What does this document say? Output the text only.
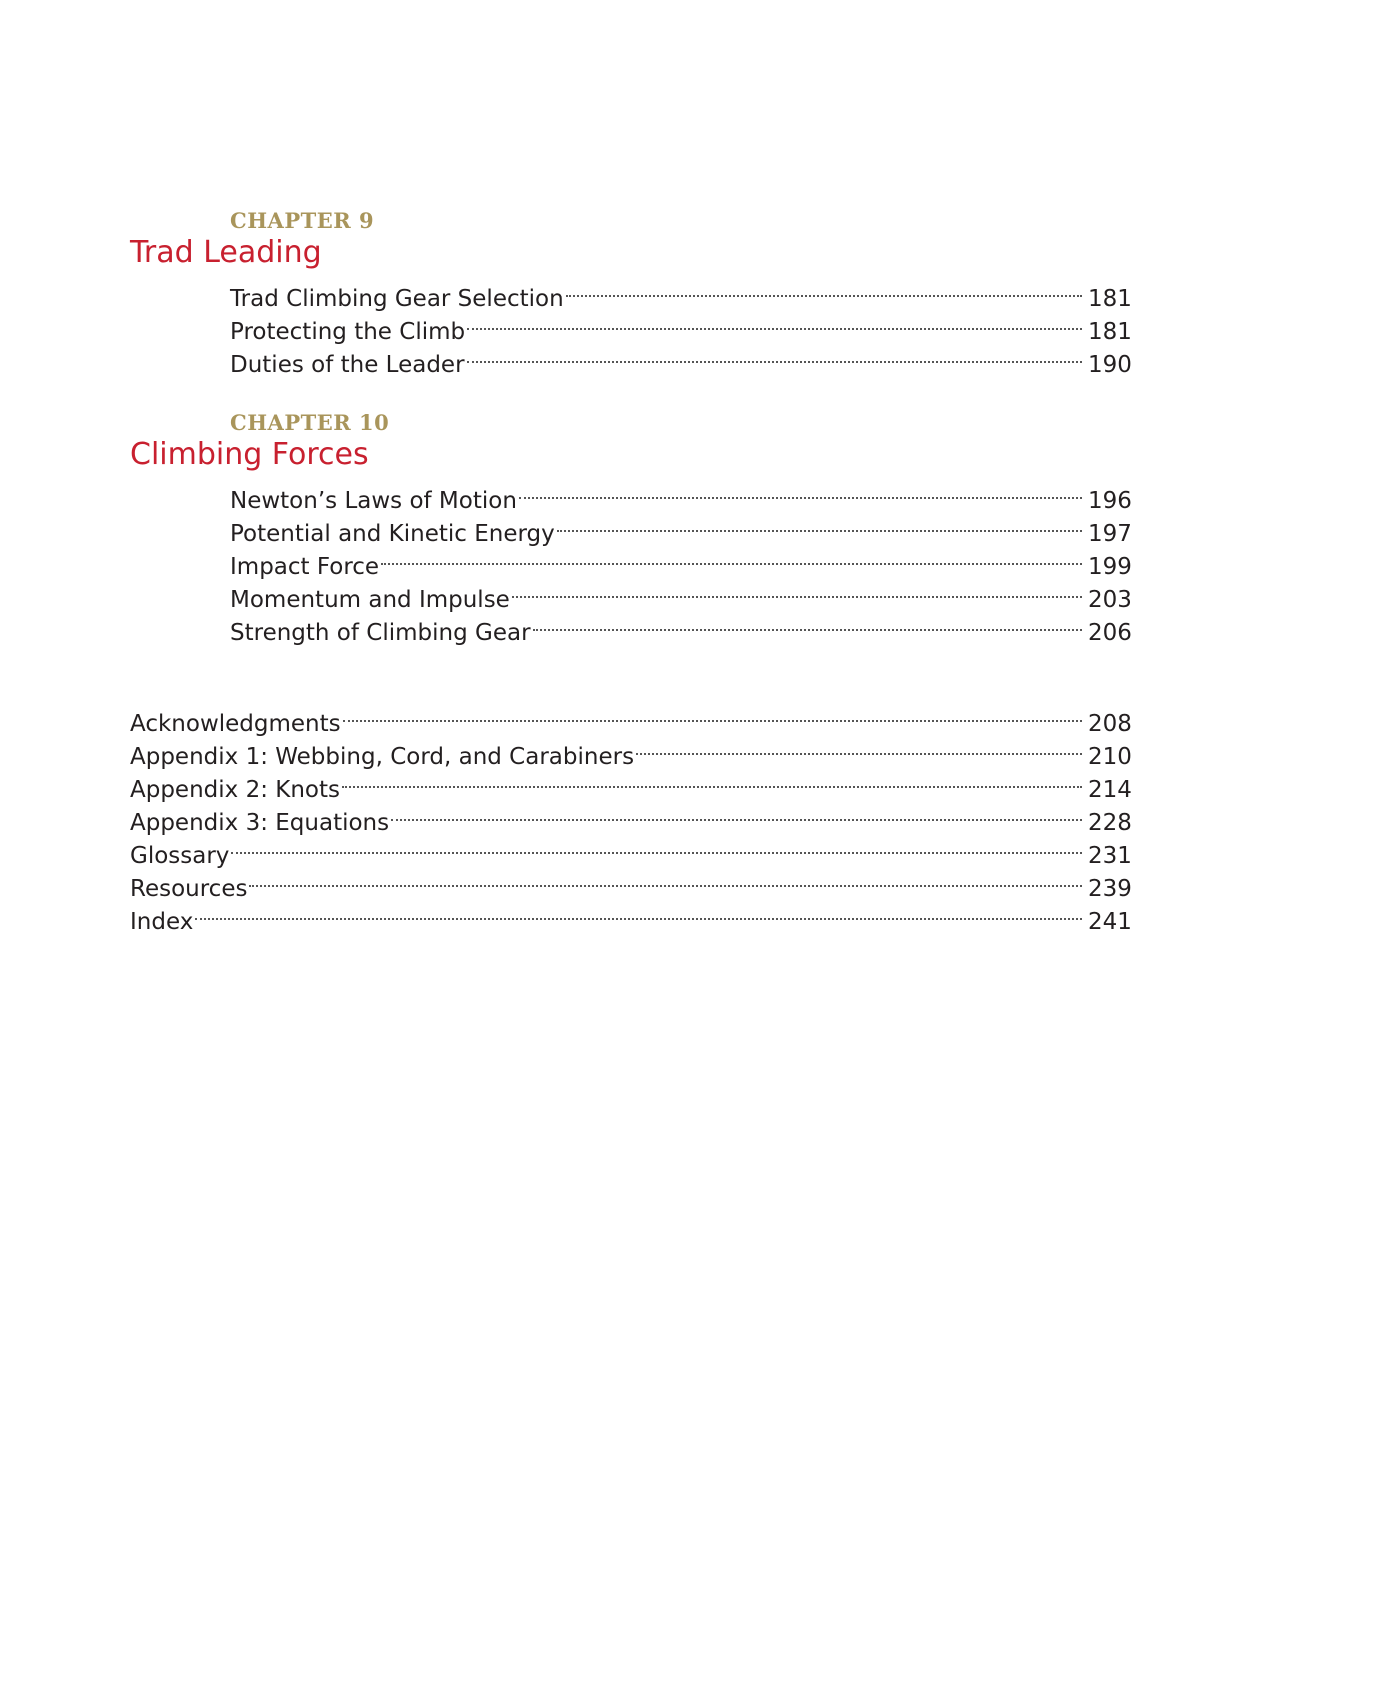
CHAPTER 9
Trad Leading
Trad Climbing Gear Selection	181
Protecting the Climb	181
Duties of the Leader	190
CHAPTER 10
Climbing Forces
Newton’s Laws of Motion	196
Potential and Kinetic Energy	197
Impact Force	199
Momentum and Impulse	203
Strength of Climbing Gear	206
Acknowledgments	208
Appendix 1: Webbing, Cord, and Carabiners	210
Appendix 2: Knots	214
Appendix 3: Equations	228
Glossary	231
Resources	239
Index	241
